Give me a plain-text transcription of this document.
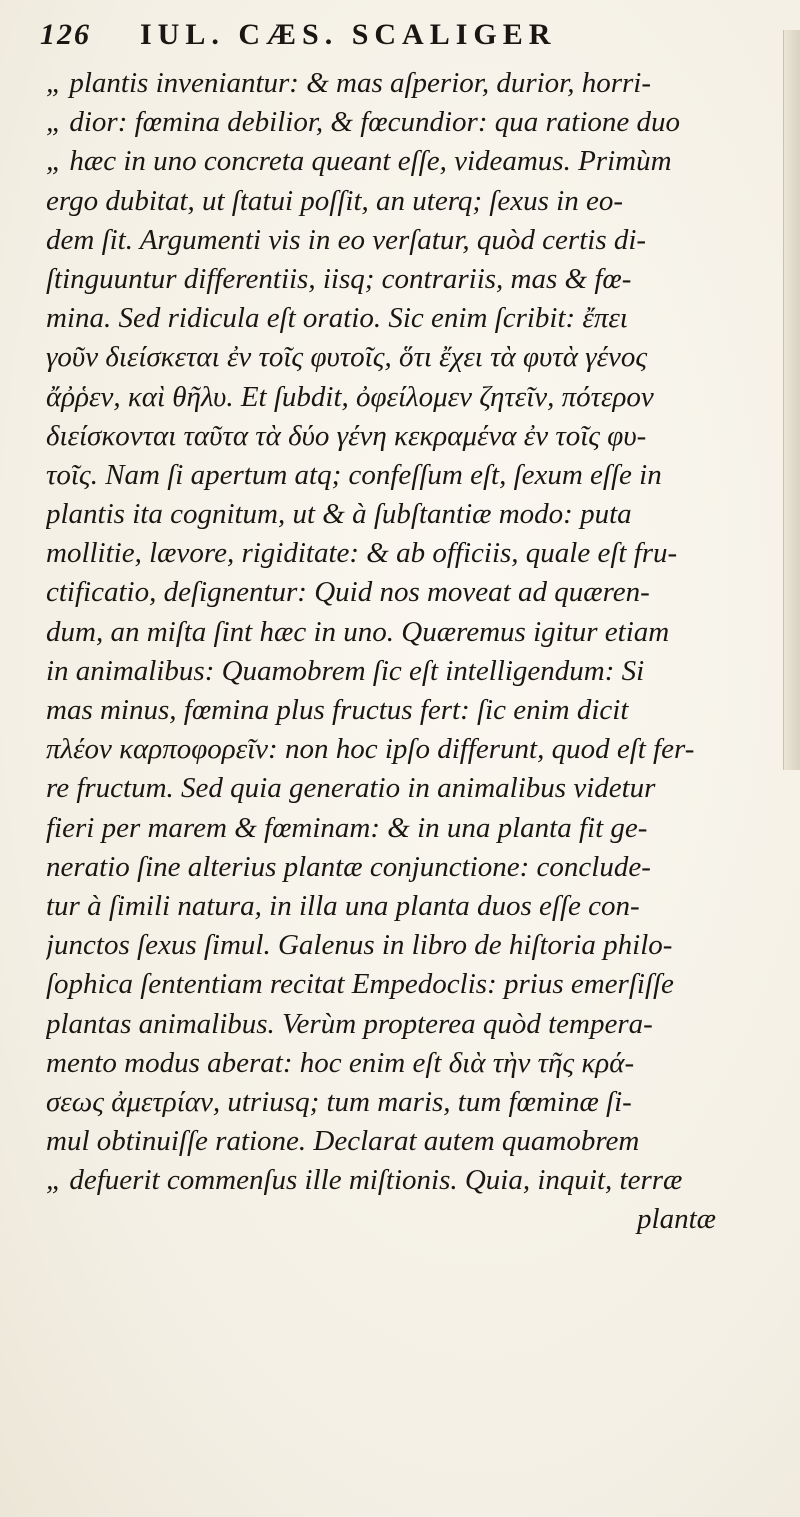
126 IUL. CÆS. SCALIGER
„ plantis inveniantur: & mas aſperior, durior, horri-
„ dior: fœmina debilior, & fœcundior: qua ratione duo
„ hæc in uno concreta queant eſſe, videamus. Primùm
ergo dubitat, ut ſtatui poſſit, an uterq; ſexus in eo-
dem ſit. Argumenti vis in eo verſatur, quòd certis di-
ſtinguuntur differentiis, iisq; contrariis, mas & fœ-
mina. Sed ridicula eſt oratio. Sic enim ſcribit: ἔπει
γοῦν διείσκεται ἐν τοῖς φυτοῖς, ὅτι ἔχει τὰ φυτὰ γένος
ἄῤῥεν, καὶ θῆλυ. Et ſubdit, ὀφείλομεν ζητεῖν, πότερον
διείσκονται ταῦτα τὰ δύο γένη κεκραμένα ἐν τοῖς φυ-
τοῖς. Nam ſi apertum atq; confeſſum eſt, ſexum eſſe in
plantis ita cognitum, ut & à ſubſtantiæ modo: puta
mollitie, lævore, rigiditate: & ab officiis, quale eſt fru-
ctificatio, deſignentur: Quid nos moveat ad quæren-
dum, an miſta ſint hæc in uno. Quæremus igitur etiam
in animalibus: Quamobrem ſic eſt intelligendum: Si
mas minus, fœmina plus fructus fert: ſic enim dicit
πλέον καρποφορεῖν: non hoc ipſo differunt, quod eſt fer-
re fructum. Sed quia generatio in animalibus videtur
fieri per marem & fœminam: & in una planta fit ge-
neratio ſine alterius plantæ conjunctione: conclude-
tur à ſimili natura, in illa una planta duos eſſe con-
junctos ſexus ſimul. Galenus in libro de hiſtoria philo-
ſophica ſententiam recitat Empedoclis: prius emerſiſſe
plantas animalibus. Verùm propterea quòd tempera-
mento modus aberat: hoc enim eſt διὰ τὴν τῆς κρά-
σεως ἀμετρίαν, utriusq; tum maris, tum fœminæ ſi-
mul obtinuiſſe ratione. Declarat autem quamobrem
„ defuerit commenſus ille miſtionis. Quia, inquit, terræ
plantæ
